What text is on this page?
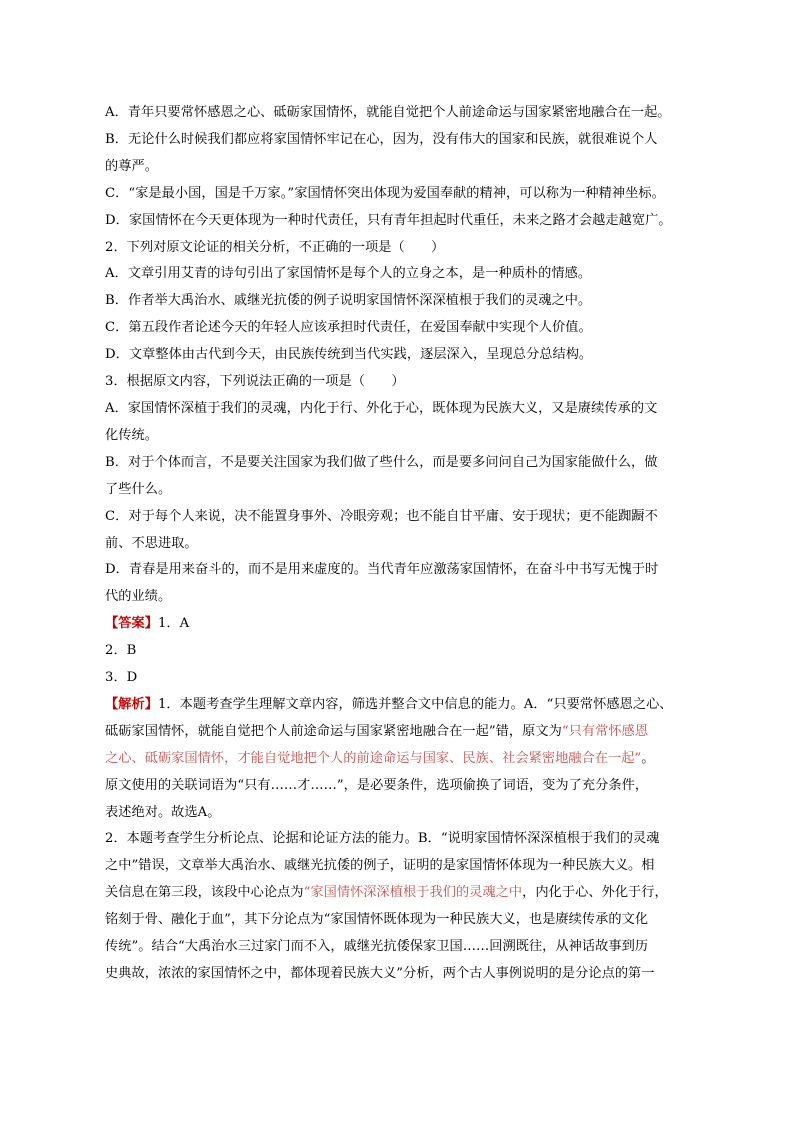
A．青年只要常怀感恩之心、砥砺家国情怀，就能自觉把个人前途命运与国家紧密地融合在一起。
B．无论什么时候我们都应将家国情怀牢记在心，因为，没有伟大的国家和民族，就很难说个人
的尊严。
C．“家是最小国，国是千万家。”家国情怀突出体现为爱国奉献的精神，可以称为一种精神坐标。
D．家国情怀在今天更体现为一种时代责任，只有青年担起时代重任，未来之路才会越走越宽广。
2．下列对原文论证的相关分析，不正确的一项是（　　）
A．文章引用艾青的诗句引出了家国情怀是每个人的立身之本，是一种质朴的情感。
B．作者举大禹治水、戚继光抗倭的例子说明家国情怀深深植根于我们的灵魂之中。
C．第五段作者论述今天的年轻人应该承担时代责任，在爱国奉献中实现个人价值。
D．文章整体由古代到今天，由民族传统到当代实践，逐层深入，呈现总分总结构。
3．根据原文内容，下列说法正确的一项是（　　）
A．家国情怀深植于我们的灵魂，内化于行、外化于心，既体现为民族大义，又是赓续传承的文
化传统。
B．对于个体而言，不是要关注国家为我们做了些什么，而是要多问问自己为国家能做什么，做
了些什么。
C．对于每个人来说，决不能置身事外、冷眼旁观；也不能自甘平庸、安于现状；更不能踟蹰不
前、不思进取。
D．青春是用来奋斗的，而不是用来虚度的。当代青年应激荡家国情怀，在奋斗中书写无愧于时
代的业绩。
【答案】1．A
2．B
3．D
【解析】1．本题考查学生理解文章内容，筛选并整合文中信息的能力。A．“只要常怀感恩之心、
砥砺家国情怀，就能自觉把个人前途命运与国家紧密地融合在一起”错，原文为“只有常怀感恩
之心、砥砺家国情怀，才能自觉地把个人的前途命运与国家、民族、社会紧密地融合在一起”。
原文使用的关联词语为“只有……才……”，是必要条件，选项偷换了词语，变为了充分条件，
表述绝对。故选A。
2．本题考查学生分析论点、论据和论证方法的能力。B．“说明家国情怀深深植根于我们的灵魂
之中”错误，文章举大禹治水、戚继光抗倭的例子，证明的是家国情怀体现为一种民族大义。相
关信息在第三段，该段中心论点为“家国情怀深深植根于我们的灵魂之中，内化于心、外化于行，
铭刻于骨、融化于血”，其下分论点为“家国情怀既体现为一种民族大义，也是赓续传承的文化
传统”。结合“大禹治水三过家门而不入，戚继光抗倭保家卫国……回溯既往，从神话故事到历
史典故，浓浓的家国情怀之中，都体现着民族大义”分析，两个古人事例说明的是分论点的第一
